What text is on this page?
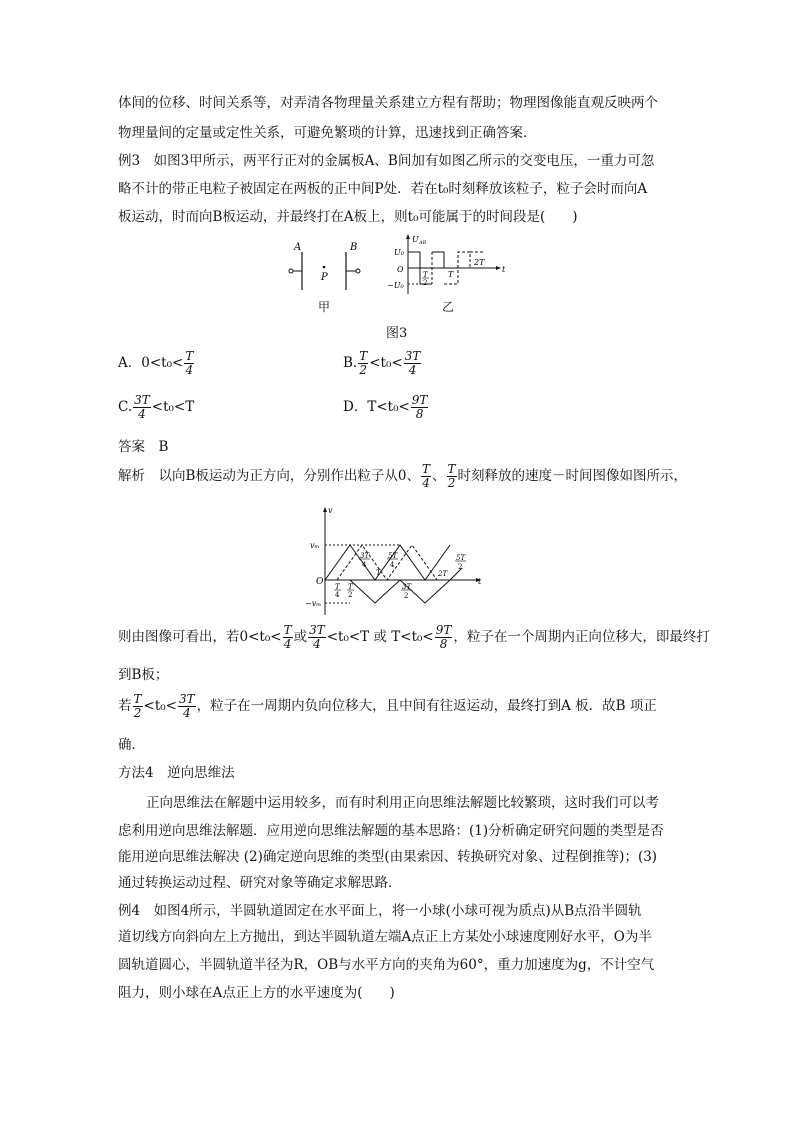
体间的位移、时间关系等，对弄清各物理量关系建立方程有帮助；物理图像能直观反映两个
物理量间的定量或定性关系，可避免繁琐的计算，迅速找到正确答案．
例3　如图3甲所示，两平行正对的金属板A、B间加有如图乙所示的交变电压，一重力可忽
略不计的带正电粒子被固定在两板的正中间P处．若在t₀时刻释放该粒子，粒子会时而向A
板运动，时而向B板运动，并最终打在A板上，则t₀可能属于的时间段是(　　)
A	B
P
甲
U AB
U₀
O
−U₀
t
T
2
T
2T
乙
图3
A．$0<t_0< \frac{T}{4}$	B. $\frac{T}{2} <t_0< \frac{3T}{4}$
C. $\frac{3T}{4} <t_0<T$	D．$T<t_0< \frac{9T}{8}$
答案　B
解析　以向B板运动为正方向，分别作出粒子从0、 $\frac{T}{4}$ 、 $\frac{T}{2}$ 时刻释放的速度－时间图像如图所示，
v
vₘ
−vₘ
O	t
T
4
T
2
3T
4
T
5T
4
3T
2
2T
5T
2
则由图像可看出，若$0<t_0< \frac{T}{4}$ 或 $\frac{3T}{4} <t_0<T$ 或 $T<t_0< \frac{9T}{8}$ ，粒子在一个周期内正向位移大，即最终打
到B板；
若 $\frac{T}{2} <t_0< \frac{3T}{4}$ ，粒子在一周期内负向位移大，且中间有往返运动，最终打到A 板．故B 项正
确．
方法4　逆向思维法
正向思维法在解题中运用较多，而有时利用正向思维法解题比较繁琐，这时我们可以考
虑利用逆向思维法解题．应用逆向思维法解题的基本思路：(1)分析确定研究问题的类型是否
能用逆向思维法解决 (2)确定逆向思维的类型(由果索因、转换研究对象、过程倒推等)；(3)
通过转换运动过程、研究对象等确定求解思路．
例4　如图4所示，半圆轨道固定在水平面上，将一小球(小球可视为质点)从B点沿半圆轨
道切线方向斜向左上方抛出，到达半圆轨道左端A点正上方某处小球速度刚好水平，O为半
圆轨道圆心，半圆轨道半径为R，OB与水平方向的夹角为60°，重力加速度为g，不计空气
阻力，则小球在A点正上方的水平速度为(　　)
